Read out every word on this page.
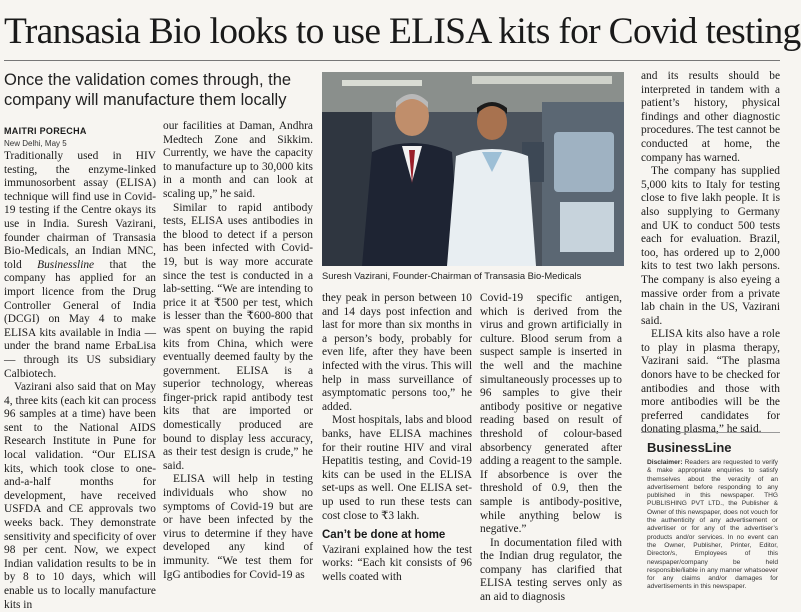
Transasia Bio looks to use ELISA kits for Covid testing
Once the validation comes through, the company will manufacture them locally
MAITRI PORECHA
New Delhi, May 5

Traditionally used in HIV testing, the enzyme-linked immunosorbent assay (ELISA) technique will find use in Covid-19 testing if the Centre okays its use in India. Suresh Vazirani, founder chairman of Transasia Bio-Medicals, an Indian MNC, told Businessline that the company has applied for an import licence from the Drug Controller General of India (DCGI) on May 4 to make ELISA kits available in India — under the brand name ErbaLisa — through its US subsidiary Calbiotech.

Vazirani also said that on May 4, three kits (each kit can process 96 samples at a time) have been sent to the National AIDS Research Institute in Pune for local validation. “Our ELISA kits, which took close to one-and-a-half months for development, have received USFDA and CE approvals two weeks back. They demonstrate sensitivity and specificity of over 98 per cent. Now, we expect Indian validation results to be in by 8 to 10 days, which will enable us to locally manufacture kits in

our facilities at Daman, Andhra Medtech Zone and Sikkim. Currently, we have the capacity to manufacture up to 30,000 kits in a month and can look at scaling up,” he said.

Similar to rapid antibody tests, ELISA uses antibodies in the blood to detect if a person has been infected with Covid-19, but is way more accurate since the test is conducted in a lab-setting. “We are intending to price it at ₹500 per test, which is lesser than the ₹600-800 that was spent on buying the rapid kits from China, which were eventually deemed faulty by the government. ELISA is a superior technology, whereas finger-prick rapid antibody test kits that are imported or domestically produced are bound to display less accuracy, as their test design is crude,” he said.

ELISA will help in testing individuals who show no symptoms of Covid-19 but are or have been infected by the virus to determine if they have developed any kind of immunity. “We test them for IgG antibodies for Covid-19 as

Suresh Vazirani, Founder-Chairman of Transasia Bio-Medicals

they peak in person between 10 and 14 days post infection and last for more than six months in a person’s body, probably for even life, after they have been infected with the virus. This will help in mass surveillance of asymptomatic persons too,” he added.

Most hospitals, labs and blood banks, have ELISA machines for their routine HIV and viral Hepatitis testing, and Covid-19 kits can be used in the ELISA set-ups as well. One ELISA set-up used to run these tests can cost close to ₹3 lakh.

Can’t be done at home

Vazirani explained how the test works: “Each kit consists of 96 wells coated with

Covid-19 specific antigen, which is derived from the virus and grown artificially in culture. Blood serum from a suspect sample is inserted in the well and the machine simultaneously processes up to 96 samples to give their antibody positive or negative reading based on result of threshold of colour-based absorbency generated after adding a reagent to the sample. If absorbence is over the threshold of 0.9, then the sample is antibody-positive, while anything below is negative.”

In documentation filed with the Indian drug regulator, the company has clarified that ELISA testing serves only as an aid to diagnosis

and its results should be interpreted in tandem with a patient’s history, physical findings and other diagnostic procedures. The test cannot be conducted at home, the company has warned.

The company has supplied 5,000 kits to Italy for testing close to five lakh people. It is also supplying to Germany and UK to conduct 500 tests each for evaluation. Brazil, too, has ordered up to 2,000 kits to test two lakh persons. The company is also eyeing a massive order from a private lab chain in the US, Vazirani said.

ELISA kits also have a role to play in plasma therapy, Vazirani said. “The plasma donors have to be checked for antibodies and those with more antibodies will be the preferred candidates for donating plasma,” he said.

BusinessLine
Disclaimer: Readers are requested to verify & make appropriate enquiries to satisfy themselves about the veracity of an advertisement before responding to any published in this newspaper. THG PUBLISHING PVT LTD., the Publisher & Owner of this newspaper, does not vouch for the authenticity of any advertisement or advertiser or for any of the advertiser’s products and/or services. In no event can the Owner, Publisher, Printer, Editor, Director/s, Employees of this newspaper/company be held responsible/liable in any manner whatsoever for any claims and/or damages for advertisements in this newspaper.
